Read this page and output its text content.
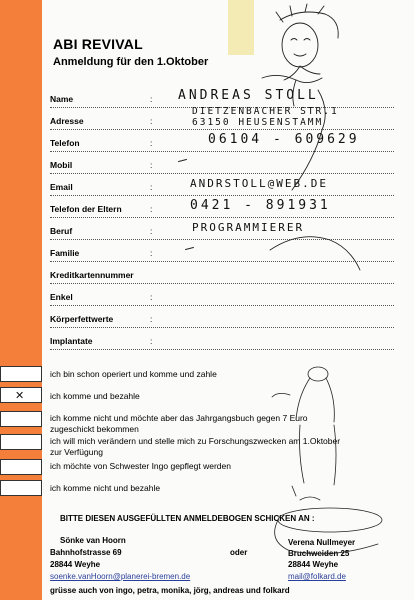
ABI REVIVAL
Anmeldung für den 1.Oktober
Name	: ANDREAS STOLL
Adresse	:
DIETZENBACHER STR.1
63150 HEUSENSTAMM
Telefon	:	06104 - 609629
Mobil	:
Email	:	ANDRSTOLL@WEB.DE
Telefon der Eltern	:	0421 - 891931
Beruf	:	PROGRAMMIERER
Familie	:
Kreditkartennummer
Enkel	:
Körperfettwerte	:
Implantate	:
ich bin schon operiert und komme und zahle
✕	ich komme und bezahle
ich komme nicht und möchte aber das Jahrgangsbuch gegen 7 Euro zugeschickt bekommen
ich will mich verändern und stelle mich zu Forschungszwecken am 1.Oktober zur Verfügung
ich möchte von Schwester Ingo gepflegt werden
ich komme nicht und bezahle
BITTE DIESEN AUSGEFÜLLTEN ANMELDEBOGEN SCHICKEN AN :
Sönke van Hoorn
Bahnhofstrasse 69
28844 Weyhe
soenke.vanHoorn@planerei-bremen.de
oder
Verena Nullmeyer
Bruchweiden 25
28844 Weyhe
mail@folkard.de
grüsse auch von ingo, petra, monika, jörg, andreas und folkard
